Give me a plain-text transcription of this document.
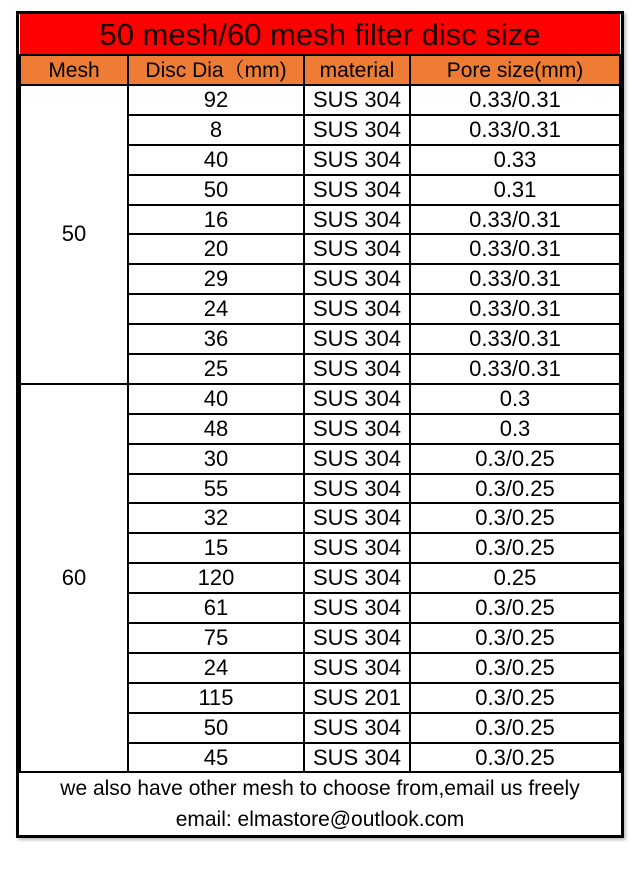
50 mesh/60 mesh filter disc size			
Mesh	Disc Dia（mm)	material	Pore size(mm)
50	92	SUS 304	0.33/0.31
	8	SUS 304	0.33/0.31
	40	SUS 304	0.33
	50	SUS 304	0.31
	16	SUS 304	0.33/0.31
	20	SUS 304	0.33/0.31
	29	SUS 304	0.33/0.31
	24	SUS 304	0.33/0.31
	36	SUS 304	0.33/0.31
	25	SUS 304	0.33/0.31
60	40	SUS 304	0.3
	48	SUS 304	0.3
	30	SUS 304	0.3/0.25
	55	SUS 304	0.3/0.25
	32	SUS 304	0.3/0.25
	15	SUS 304	0.3/0.25
	120	SUS 304	0.25
	61	SUS 304	0.3/0.25
	75	SUS 304	0.3/0.25
	24	SUS 304	0.3/0.25
	115	SUS 201	0.3/0.25
	50	SUS 304	0.3/0.25
	45	SUS 304	0.3/0.25

we also have other mesh to choose from,email us freely
email: elmastore@outlook.com			
